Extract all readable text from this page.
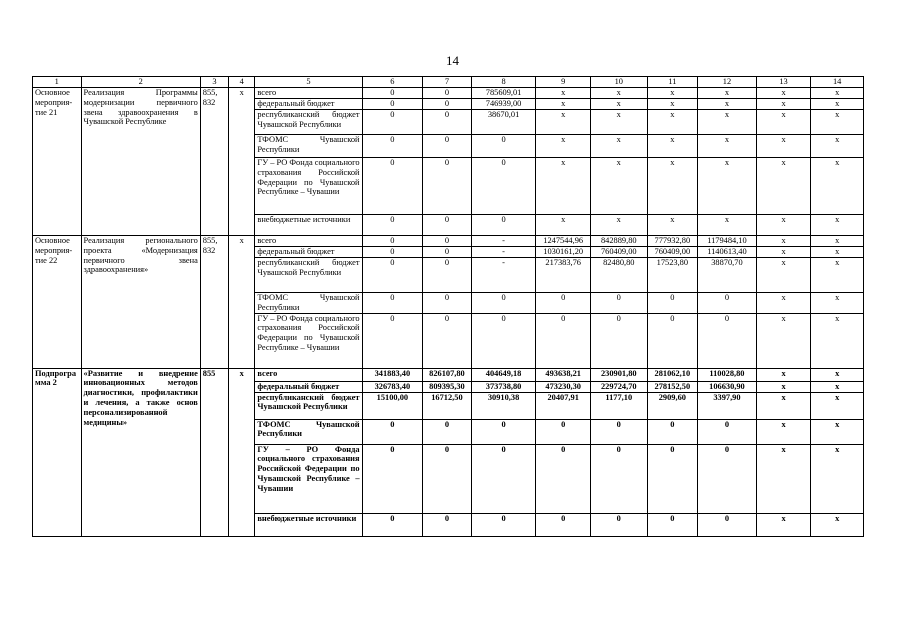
14
1	2	3	4	5	6	7	8	9	10	11	12	13	14
Основное мероприя-тие 21	Реализация Программы модернизации первичного звена здравоохранения в Чувашской Республике	855, 832	x	всего	0	0	785609,01	x	x	x	x	x	x
				федеральный бюджет	0	0	746939,00	x	x	x	x	x	x
				республиканский бюджет Чувашской Республики	0	0	38670,01	x	x	x	x	x	x
				ТФОМС Чувашской Республики	0	0	0	x	x	x	x	x	x
				ГУ – РО Фонда социального страхования Российской Федерации по Чувашской Республике – Чувашии	0	0	0	x	x	x	x	x	x
				внебюджетные источники	0	0	0	x	x	x	x	x	x
Основное мероприя-тие 22	Реализация регионального проекта «Модернизация первичного звена здравоохранения»	855, 832	x	всего	0	0	-	1247544,96	842889,80	777932,80	1179484,10	x	x
				федеральный бюджет	0	0	-	1030161,20	760409,00	760409,00	1140613,40	x	x
				республиканский бюджет Чувашской Республики	0	0	-	217383,76	82480,80	17523,80	38870,70	x	x
				ТФОМС Чувашской Республики	0	0	0	0	0	0	0	x	x
				ГУ – РО Фонда социального страхования Российской Федерации по Чувашской Республике – Чувашии	0	0	0	0	0	0	0	x	x
Подпрограмма 2	«Развитие и внедрение инновационных методов диагностики, профилактики и лечения, а также основ персонализированной медицины»	855	x	всего	341883,40	826107,80	404649,18	493638,21	230901,80	281062,10	110028,80	x	x
				федеральный бюджет	326783,40	809395,30	373738,80	473230,30	229724,70	278152,50	106630,90	x	x
				республиканский бюджет Чувашской Республики	15100,00	16712,50	30910,38	20407,91	1177,10	2909,60	3397,90	x	x
				ТФОМС Чувашской Республики	0	0	0	0	0	0	0	x	x
				ГУ – РО Фонда социального страхования Российской Федерации по Чувашской Республике – Чувашии	0	0	0	0	0	0	0	x	x
				внебюджетные источники	0	0	0	0	0	0	0	x	x
